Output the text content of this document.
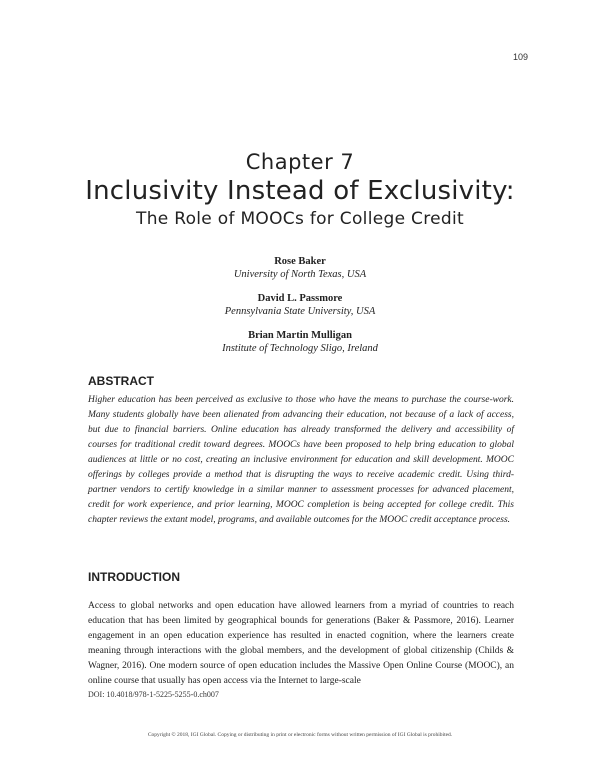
109
Chapter 7
Inclusivity Instead of Exclusivity:
The Role of MOOCs for College Credit
Rose Baker
University of North Texas, USA
David L. Passmore
Pennsylvania State University, USA
Brian Martin Mulligan
Institute of Technology Sligo, Ireland
ABSTRACT
Higher education has been perceived as exclusive to those who have the means to purchase the course-work. Many students globally have been alienated from advancing their education, not because of a lack of access, but due to financial barriers. Online education has already transformed the delivery and accessibility of courses for traditional credit toward degrees. MOOCs have been proposed to help bring education to global audiences at little or no cost, creating an inclusive environment for education and skill development. MOOC offerings by colleges provide a method that is disrupting the ways to receive academic credit. Using third-partner vendors to certify knowledge in a similar manner to assessment processes for advanced placement, credit for work experience, and prior learning, MOOC completion is being accepted for college credit. This chapter reviews the extant model, programs, and available outcomes for the MOOC credit acceptance process.
INTRODUCTION
Access to global networks and open education have allowed learners from a myriad of countries to reach education that has been limited by geographical bounds for generations (Baker & Passmore, 2016). Learner engagement in an open education experience has resulted in enacted cognition, where the learners create meaning through interactions with the global members, and the development of global citizenship (Childs & Wagner, 2016). One modern source of open education includes the Massive Open Online Course (MOOC), an online course that usually has open access via the Internet to large-scale
DOI: 10.4018/978-1-5225-5255-0.ch007
Copyright © 2018, IGI Global. Copying or distributing in print or electronic forms without written permission of IGI Global is prohibited.
